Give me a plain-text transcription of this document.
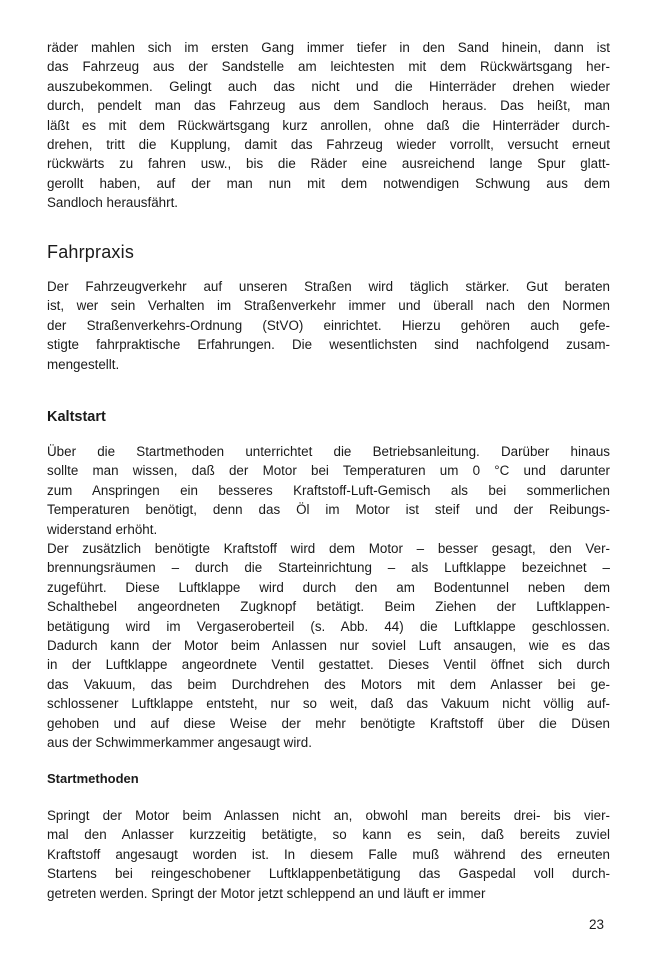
räder mahlen sich im ersten Gang immer tiefer in den Sand hinein, dann ist
das Fahrzeug aus der Sandstelle am leichtesten mit dem Rückwärtsgang her-
auszubekommen. Gelingt auch das nicht und die Hinterräder drehen wieder
durch, pendelt man das Fahrzeug aus dem Sandloch heraus. Das heißt, man
läßt es mit dem Rückwärtsgang kurz anrollen, ohne daß die Hinterräder durch-
drehen, tritt die Kupplung, damit das Fahrzeug wieder vorrollt, versucht erneut
rückwärts zu fahren usw., bis die Räder eine ausreichend lange Spur glatt-
gerollt haben, auf der man nun mit dem notwendigen Schwung aus dem
Sandloch herausfährt.

Fahrpraxis

Der Fahrzeugverkehr auf unseren Straßen wird täglich stärker. Gut beraten
ist, wer sein Verhalten im Straßenverkehr immer und überall nach den Normen
der Straßenverkehrs-Ordnung (StVO) einrichtet. Hierzu gehören auch gefe-
stigte fahrpraktische Erfahrungen. Die wesentlichsten sind nachfolgend zusam-
mengestellt.

Kaltstart

Über die Startmethoden unterrichtet die Betriebsanleitung. Darüber hinaus
sollte man wissen, daß der Motor bei Temperaturen um 0 °C und darunter
zum Anspringen ein besseres Kraftstoff-Luft-Gemisch als bei sommerlichen
Temperaturen benötigt, denn das Öl im Motor ist steif und der Reibungs-
widerstand erhöht.

Der zusätzlich benötigte Kraftstoff wird dem Motor – besser gesagt, den Ver-
brennungsräumen – durch die Starteinrichtung – als Luftklappe bezeichnet –
zugeführt. Diese Luftklappe wird durch den am Bodentunnel neben dem
Schalthebel angeordneten Zugknopf betätigt. Beim Ziehen der Luftklappen-
betätigung wird im Vergaseroberteil (s. Abb. 44) die Luftklappe geschlossen.
Dadurch kann der Motor beim Anlassen nur soviel Luft ansaugen, wie es das
in der Luftklappe angeordnete Ventil gestattet. Dieses Ventil öffnet sich durch
das Vakuum, das beim Durchdrehen des Motors mit dem Anlasser bei ge-
schlossener Luftklappe entsteht, nur so weit, daß das Vakuum nicht völlig auf-
gehoben und auf diese Weise der mehr benötigte Kraftstoff über die Düsen
aus der Schwimmerkammer angesaugt wird.

Startmethoden

Springt der Motor beim Anlassen nicht an, obwohl man bereits drei- bis vier-
mal den Anlasser kurzzeitig betätigte, so kann es sein, daß bereits zuviel
Kraftstoff angesaugt worden ist. In diesem Falle muß während des erneuten
Startens bei reingeschobener Luftklappenbetätigung das Gaspedal voll durch-
getreten werden. Springt der Motor jetzt schleppend an und läuft er immer

23
